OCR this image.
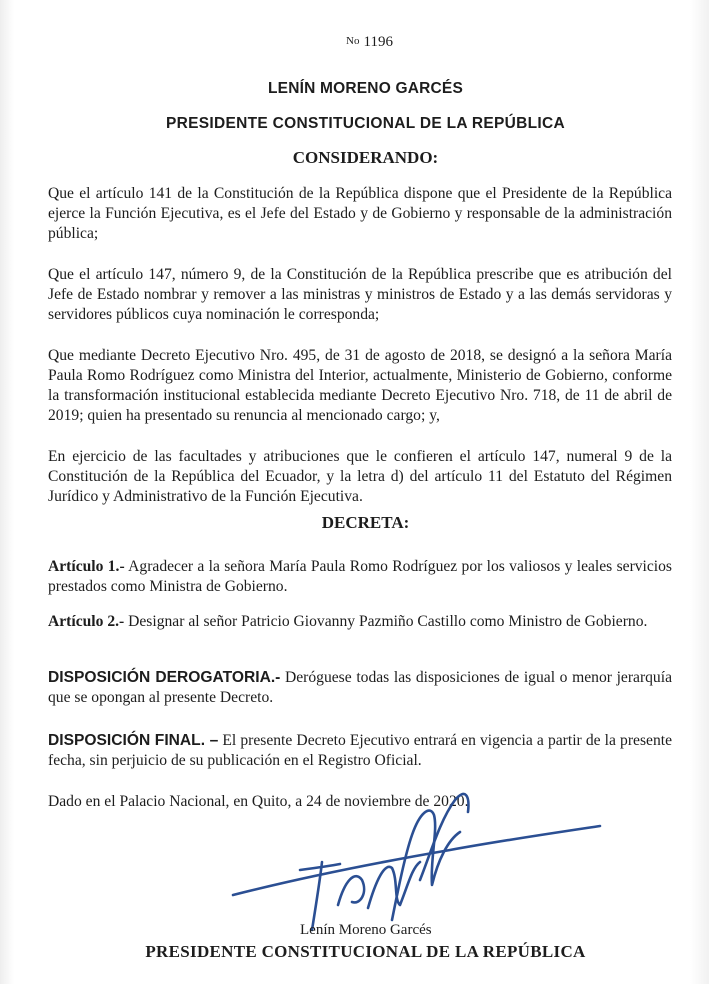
No 1196
LENÍN MORENO GARCÉS
PRESIDENTE CONSTITUCIONAL DE LA REPÚBLICA
CONSIDERANDO:
Que el artículo 141 de la Constitución de la República dispone que el Presidente de la República ejerce la Función Ejecutiva, es el Jefe del Estado y de Gobierno y responsable de la administración pública;
Que el artículo 147, número 9, de la Constitución de la República prescribe que es atribución del Jefe de Estado nombrar y remover a las ministras y ministros de Estado y a las demás servidoras y servidores públicos cuya nominación le corresponda;
Que mediante Decreto Ejecutivo Nro. 495, de 31 de agosto de 2018, se designó a la señora María Paula Romo Rodríguez como Ministra del Interior, actualmente, Ministerio de Gobierno, conforme la transformación institucional establecida mediante Decreto Ejecutivo Nro. 718, de 11 de abril de 2019; quien ha presentado su renuncia al mencionado cargo; y,
En ejercicio de las facultades y atribuciones que le confieren el artículo 147, numeral 9 de la Constitución de la República del Ecuador, y la letra d) del artículo 11 del Estatuto del Régimen Jurídico y Administrativo de la Función Ejecutiva.
DECRETA:
Artículo 1.- Agradecer a la señora María Paula Romo Rodríguez por los valiosos y leales servicios prestados como Ministra de Gobierno.
Artículo 2.- Designar al señor Patricio Giovanny Pazmiño Castillo como Ministro de Gobierno.
DISPOSICIÓN DEROGATORIA.- Deróguese todas las disposiciones de igual o menor jerarquía que se opongan al presente Decreto.
DISPOSICIÓN FINAL. – El presente Decreto Ejecutivo entrará en vigencia a partir de la presente fecha, sin perjuicio de su publicación en el Registro Oficial.
Dado en el Palacio Nacional, en Quito, a 24 de noviembre de 2020.
Lenín Moreno Garcés
PRESIDENTE CONSTITUCIONAL DE LA REPÚBLICA
